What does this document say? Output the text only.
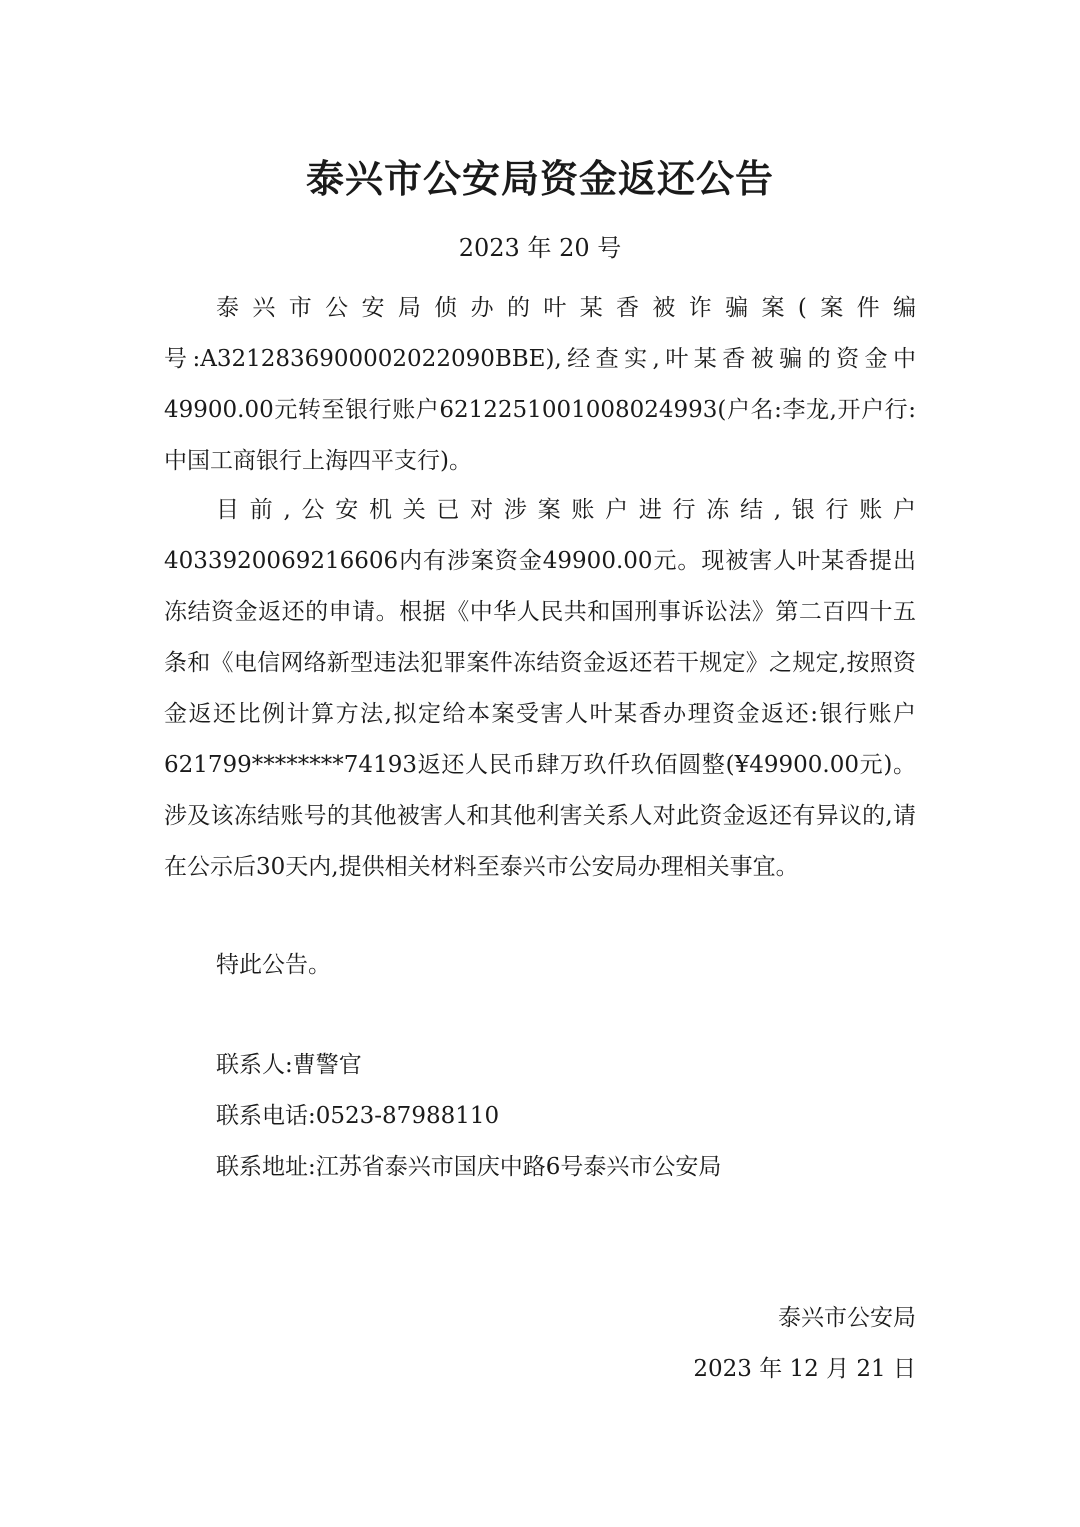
泰兴市公安局资金返还公告

2023 年 20 号

泰兴市公安局侦办的叶某香被诈骗案(案件编号:A3212836900002022090BBE),经查实,叶某香被骗的资金中49900.00元转至银行账户6212251001008024993(户名:李龙,开户行:中国工商银行上海四平支行)。

目前,公安机关已对涉案账户进行冻结,银行账户4033920069216606内有涉案资金49900.00元。现被害人叶某香提出冻结资金返还的申请。根据《中华人民共和国刑事诉讼法》第二百四十五条和《电信网络新型违法犯罪案件冻结资金返还若干规定》之规定,按照资金返还比例计算方法,拟定给本案受害人叶某香办理资金返还:银行账户621799********74193返还人民币肆万玖仟玖佰圆整(¥49900.00元)。涉及该冻结账号的其他被害人和其他利害关系人对此资金返还有异议的,请在公示后30天内,提供相关材料至泰兴市公安局办理相关事宜。

特此公告。

联系人:曹警官

联系电话:0523-87988110

联系地址:江苏省泰兴市国庆中路6号泰兴市公安局

泰兴市公安局

2023 年 12 月 21 日
